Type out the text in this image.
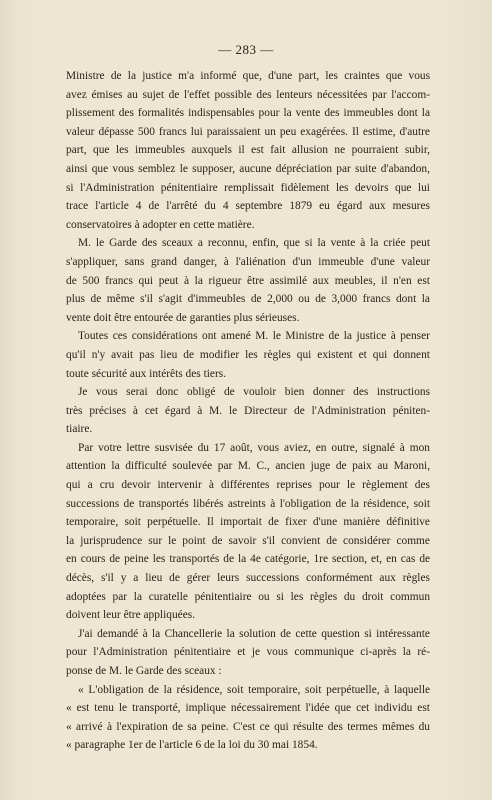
— 283 —

Ministre de la justice m'a informé que, d'une part, les craintes que vous
avez émises au sujet de l'effet possible des lenteurs nécessitées par l'accom-
plissement des formalités indispensables pour la vente des immeubles dont la
valeur dépasse 500 francs lui paraissaient un peu exagérées. Il estime, d'autre
part, que les immeubles auxquels il est fait allusion ne pourraient subir,
ainsi que vous semblez le supposer, aucune dépréciation par suite d'abandon,
si l'Administration pénitentiaire remplissait fidèlement les devoirs que lui
trace l'article 4 de l'arrêté du 4 septembre 1879 eu égard aux mesures
conservatoires à adopter en cette matière.

M. le Garde des sceaux a reconnu, enfin, que si la vente à la criée peut
s'appliquer, sans grand danger, à l'aliénation d'un immeuble d'une valeur
de 500 francs qui peut à la rigueur être assimilé aux meubles, il n'en est
plus de même s'il s'agit d'immeubles de 2,000 ou de 3,000 francs dont la
vente doit être entourée de garanties plus sérieuses.

Toutes ces considérations ont amené M. le Ministre de la justice à penser
qu'il n'y avait pas lieu de modifier les règles qui existent et qui donnent
toute sécurité aux intérêts des tiers.

Je vous serai donc obligé de vouloir bien donner des instructions
très précises à cet égard à M. le Directeur de l'Administration péniten-
tiaire.

Par votre lettre susvisée du 17 août, vous aviez, en outre, signalé à mon
attention la difficulté soulevée par M. C., ancien juge de paix au Maroni,
qui a cru devoir intervenir à différentes reprises pour le règlement des
successions de transportés libérés astreints à l'obligation de la résidence, soit
temporaire, soit perpétuelle. Il importait de fixer d'une manière définitive
la jurisprudence sur le point de savoir s'il convient de considérer comme
en cours de peine les transportés de la 4e catégorie, 1re section, et, en cas de
décès, s'il y a lieu de gérer leurs successions conformément aux règles
adoptées par la curatelle pénitentiaire ou si les règles du droit commun
doivent leur être appliquées.

J'ai demandé à la Chancellerie la solution de cette question si intéressante
pour l'Administration pénitentiaire et je vous communique ci-après la ré-
ponse de M. le Garde des sceaux :

« L'obligation de la résidence, soit temporaire, soit perpétuelle, à laquelle
« est tenu le transporté, implique nécessairement l'idée que cet individu est
« arrivé à l'expiration de sa peine. C'est ce qui résulte des termes mêmes du
« paragraphe 1er de l'article 6 de la loi du 30 mai 1854.
